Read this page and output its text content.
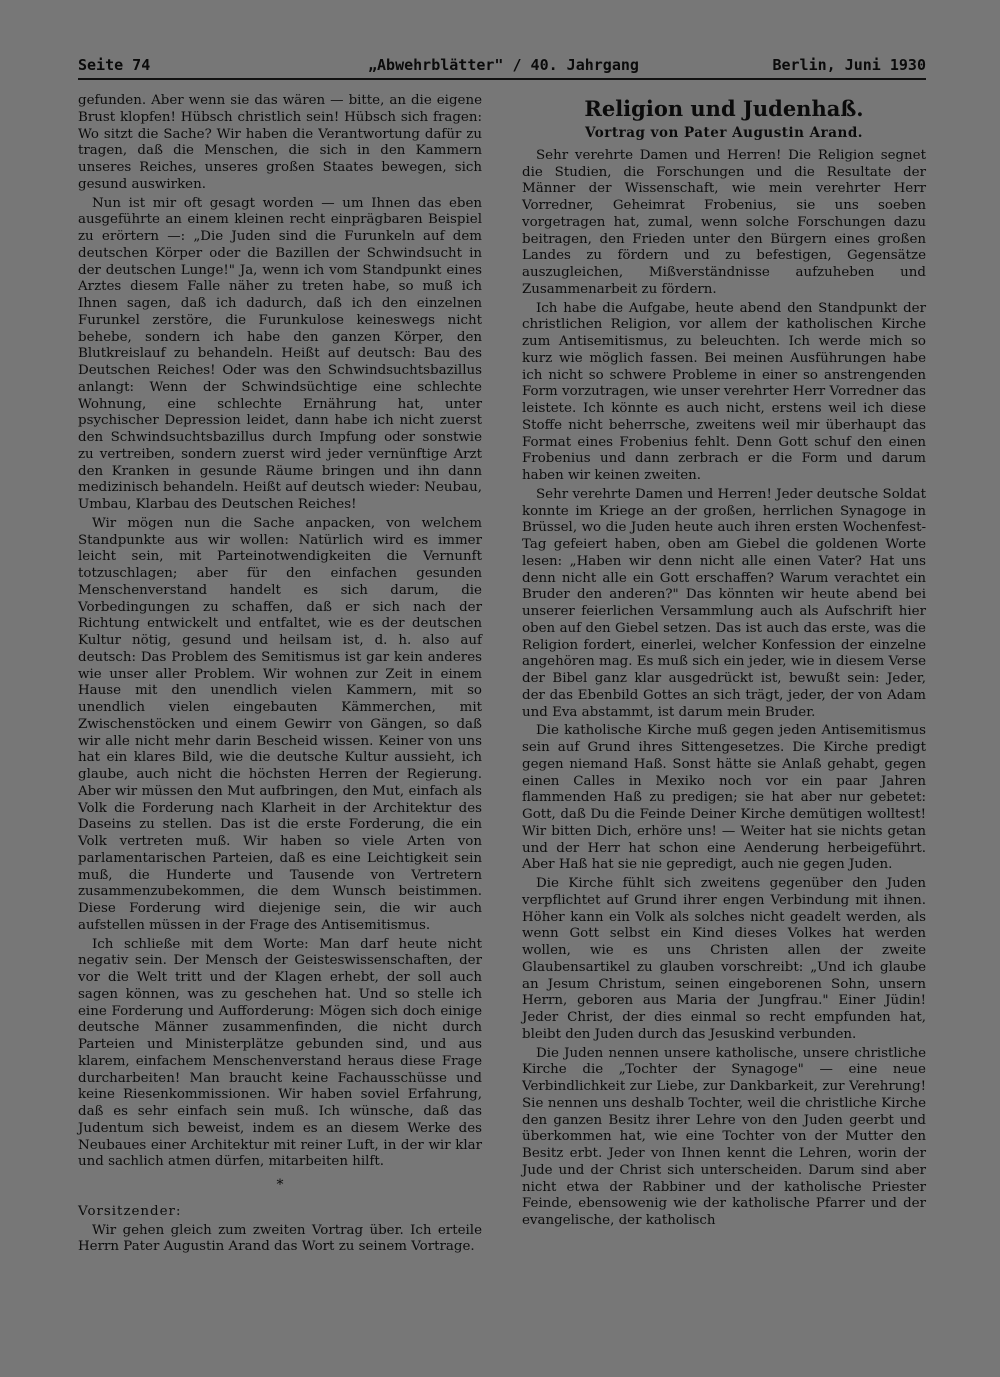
Seite 74	„Abwehrblätter" / 40. Jahrgang	Berlin, Juni 1930

gefunden. Aber wenn sie das wären — bitte, an die eigene Brust klopfen! Hübsch christlich sein! Hübsch sich fragen: Wo sitzt die Sache? Wir haben die Verantwortung dafür zu tragen, daß die Menschen, die sich in den Kammern unseres Reiches, unseres großen Staates bewegen, sich gesund auswirken.

Nun ist mir oft gesagt worden — um Ihnen das eben ausgeführte an einem kleinen recht einprägbaren Beispiel zu erörtern —: „Die Juden sind die Furunkeln auf dem deutschen Körper oder die Bazillen der Schwindsucht in der deutschen Lunge!" Ja, wenn ich vom Standpunkt eines Arztes diesem Falle näher zu treten habe, so muß ich Ihnen sagen, daß ich dadurch, daß ich den einzelnen Furunkel zerstöre, die Furunkulose keineswegs nicht behebe, sondern ich habe den ganzen Körper, den Blutkreislauf zu behandeln. Heißt auf deutsch: Bau des Deutschen Reiches! Oder was den Schwindsuchtsbazillus anlangt: Wenn der Schwindsüchtige eine schlechte Wohnung, eine schlechte Ernährung hat, unter psychischer Depression leidet, dann habe ich nicht zuerst den Schwindsuchtsbazillus durch Impfung oder sonstwie zu vertreiben, sondern zuerst wird jeder vernünftige Arzt den Kranken in gesunde Räume bringen und ihn dann medizinisch behandeln. Heißt auf deutsch wieder: Neubau, Umbau, Klarbau des Deutschen Reiches!

Wir mögen nun die Sache anpacken, von welchem Standpunkte aus wir wollen: Natürlich wird es immer leicht sein, mit Parteinotwendigkeiten die Vernunft totzuschlagen; aber für den einfachen gesunden Menschenverstand handelt es sich darum, die Vorbedingungen zu schaffen, daß er sich nach der Richtung entwickelt und entfaltet, wie es der deutschen Kultur nötig, gesund und heilsam ist, d. h. also auf deutsch: Das Problem des Semitismus ist gar kein anderes wie unser aller Problem. Wir wohnen zur Zeit in einem Hause mit den unendlich vielen Kammern, mit so unendlich vielen eingebauten Kämmerchen, mit Zwischenstöcken und einem Gewirr von Gängen, so daß wir alle nicht mehr darin Bescheid wissen. Keiner von uns hat ein klares Bild, wie die deutsche Kultur aussieht, ich glaube, auch nicht die höchsten Herren der Regierung. Aber wir müssen den Mut aufbringen, den Mut, einfach als Volk die Forderung nach Klarheit in der Architektur des Daseins zu stellen. Das ist die erste Forderung, die ein Volk vertreten muß. Wir haben so viele Arten von parlamentarischen Parteien, daß es eine Leichtigkeit sein muß, die Hunderte und Tausende von Vertretern zusammenzubekommen, die dem Wunsch beistimmen. Diese Forderung wird diejenige sein, die wir auch aufstellen müssen in der Frage des Antisemitismus.

Ich schließe mit dem Worte: Man darf heute nicht negativ sein. Der Mensch der Geisteswissenschaften, der vor die Welt tritt und der Klagen erhebt, der soll auch sagen können, was zu geschehen hat. Und so stelle ich eine Forderung und Aufforderung: Mögen sich doch einige deutsche Männer zusammenfinden, die nicht durch Parteien und Ministerplätze gebunden sind, und aus klarem, einfachem Menschenverstand heraus diese Frage durcharbeiten! Man braucht keine Fachausschüsse und keine Riesenkommissionen. Wir haben soviel Erfahrung, daß es sehr einfach sein muß. Ich wünsche, daß das Judentum sich beweist, indem es an diesem Werke des Neubaues einer Architektur mit reiner Luft, in der wir klar und sachlich atmen dürfen, mitarbeiten hilft.

*

Vorsitzender:

Wir gehen gleich zum zweiten Vortrag über. Ich erteile Herrn Pater Augustin Arand das Wort zu seinem Vortrage.

Religion und Judenhaß.
Vortrag von Pater Augustin Arand.

Sehr verehrte Damen und Herren! Die Religion segnet die Studien, die Forschungen und die Resultate der Männer der Wissenschaft, wie mein verehrter Herr Vorredner, Geheimrat Frobenius, sie uns soeben vorgetragen hat, zumal, wenn solche Forschungen dazu beitragen, den Frieden unter den Bürgern eines großen Landes zu fördern und zu befestigen, Gegensätze auszugleichen, Mißverständnisse aufzuheben und Zusammenarbeit zu fördern.

Ich habe die Aufgabe, heute abend den Standpunkt der christlichen Religion, vor allem der katholischen Kirche zum Antisemitismus, zu beleuchten. Ich werde mich so kurz wie möglich fassen. Bei meinen Ausführungen habe ich nicht so schwere Probleme in einer so anstrengenden Form vorzutragen, wie unser verehrter Herr Vorredner das leistete. Ich könnte es auch nicht, erstens weil ich diese Stoffe nicht beherrsche, zweitens weil mir überhaupt das Format eines Frobenius fehlt. Denn Gott schuf den einen Frobenius und dann zerbrach er die Form und darum haben wir keinen zweiten.

Sehr verehrte Damen und Herren! Jeder deutsche Soldat konnte im Kriege an der großen, herrlichen Synagoge in Brüssel, wo die Juden heute auch ihren ersten Wochenfest-Tag gefeiert haben, oben am Giebel die goldenen Worte lesen: „Haben wir denn nicht alle einen Vater? Hat uns denn nicht alle ein Gott erschaffen? Warum verachtet ein Bruder den anderen?" Das könnten wir heute abend bei unserer feierlichen Versammlung auch als Aufschrift hier oben auf den Giebel setzen. Das ist auch das erste, was die Religion fordert, einerlei, welcher Konfession der einzelne angehören mag. Es muß sich ein jeder, wie in diesem Verse der Bibel ganz klar ausgedrückt ist, bewußt sein: Jeder, der das Ebenbild Gottes an sich trägt, jeder, der von Adam und Eva abstammt, ist darum mein Bruder.

Die katholische Kirche muß gegen jeden Antisemitismus sein auf Grund ihres Sittengesetzes. Die Kirche predigt gegen niemand Haß. Sonst hätte sie Anlaß gehabt, gegen einen Calles in Mexiko noch vor ein paar Jahren flammenden Haß zu predigen; sie hat aber nur gebetet: Gott, daß Du die Feinde Deiner Kirche demütigen wolltest! Wir bitten Dich, erhöre uns! — Weiter hat sie nichts getan und der Herr hat schon eine Aenderung herbeigeführt. Aber Haß hat sie nie gepredigt, auch nie gegen Juden.

Die Kirche fühlt sich zweitens gegenüber den Juden verpflichtet auf Grund ihrer engen Verbindung mit ihnen. Höher kann ein Volk als solches nicht geadelt werden, als wenn Gott selbst ein Kind dieses Volkes hat werden wollen, wie es uns Christen allen der zweite Glaubensartikel zu glauben vorschreibt: „Und ich glaube an Jesum Christum, seinen eingeborenen Sohn, unsern Herrn, geboren aus Maria der Jungfrau." Einer Jüdin! Jeder Christ, der dies einmal so recht empfunden hat, bleibt den Juden durch das Jesuskind verbunden.

Die Juden nennen unsere katholische, unsere christliche Kirche die „Tochter der Synagoge" — eine neue Verbindlichkeit zur Liebe, zur Dankbarkeit, zur Verehrung! Sie nennen uns deshalb Tochter, weil die christliche Kirche den ganzen Besitz ihrer Lehre von den Juden geerbt und überkommen hat, wie eine Tochter von der Mutter den Besitz erbt. Jeder von Ihnen kennt die Lehren, worin der Jude und der Christ sich unterscheiden. Darum sind aber nicht etwa der Rabbiner und der katholische Priester Feinde, ebensowenig wie der katholische Pfarrer und der evangelische, der katholisch
